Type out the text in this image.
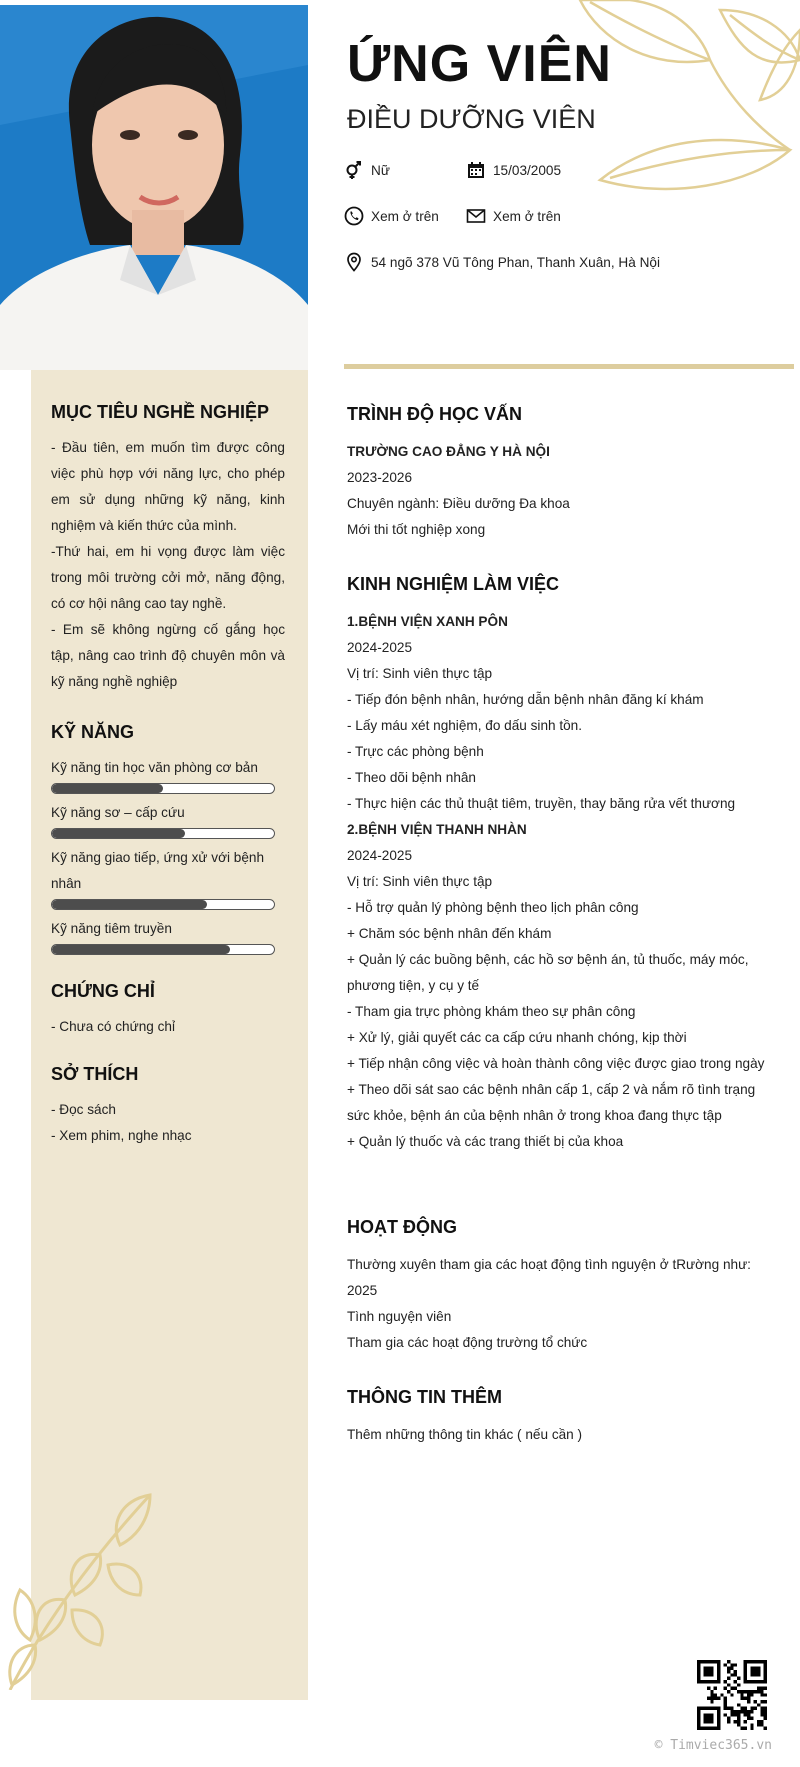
MỤC TIÊU NGHỀ NGHIỆP
- Đầu tiên, em muốn tìm được công việc phù hợp với năng lực, cho phép em sử dụng những kỹ năng, kinh nghiệm và kiến thức của mình.
-Thứ hai, em hi vọng được làm việc trong môi trường cởi mở, năng động, có cơ hội nâng cao tay nghề.
- Em sẽ không ngừng cố gắng học tập, nâng cao trình độ chuyên môn và kỹ năng nghề nghiệp
KỸ NĂNG
Kỹ năng tin học văn phòng cơ bản
Kỹ năng sơ – cấp cứu
Kỹ năng giao tiếp, ứng xử với bệnh nhân
Kỹ năng tiêm truyền
CHỨNG CHỈ
- Chưa có chứng chỉ
SỞ THÍCH
- Đọc sách
- Xem phim, nghe nhạc
ỨNG VIÊN
ĐIỀU DƯỠNG VIÊN
Nữ	15/03/2005
Xem ở trên	Xem ở trên
54 ngõ 378 Vũ Tông Phan, Thanh Xuân, Hà Nội
TRÌNH ĐỘ HỌC VẤN
TRƯỜNG CAO ĐẲNG Y HÀ NỘI
2023-2026
Chuyên ngành: Điều dưỡng Đa khoa
Mới thi tốt nghiệp xong
KINH NGHIỆM LÀM VIỆC
1.BỆNH VIỆN XANH PÔN
2024-2025
Vị trí: Sinh viên thực tập
- Tiếp đón bệnh nhân, hướng dẫn bệnh nhân đăng kí khám
- Lấy máu xét nghiệm, đo dấu sinh tồn.
- Trực các phòng bệnh
- Theo dõi bệnh nhân
- Thực hiện các thủ thuật tiêm, truyền, thay băng rửa vết thương
2.BỆNH VIỆN THANH NHÀN
2024-2025
Vị trí: Sinh viên thực tập
- Hỗ trợ quản lý phòng bệnh theo lịch phân công
+ Chăm sóc bệnh nhân đến khám
+ Quản lý các buồng bệnh, các hồ sơ bệnh án, tủ thuốc, máy móc, phương tiện, y cụ y tế
- Tham gia trực phòng khám theo sự phân công
+ Xử lý, giải quyết các ca cấp cứu nhanh chóng, kịp thời
+ Tiếp nhận công việc và hoàn thành công việc được giao trong ngày
+ Theo dõi sát sao các bệnh nhân cấp 1, cấp 2 và nắm rõ tình trạng sức khỏe, bệnh án của bệnh nhân ở trong khoa đang thực tập
+ Quản lý thuốc và các trang thiết bị của khoa
HOẠT ĐỘNG
Thường xuyên tham gia các hoạt động tình nguyện ở tRường như:
2025
Tình nguyện viên
Tham gia các hoạt động trường tổ chức
THÔNG TIN THÊM
Thêm những thông tin khác ( nếu cần )
© Timviec365.vn
